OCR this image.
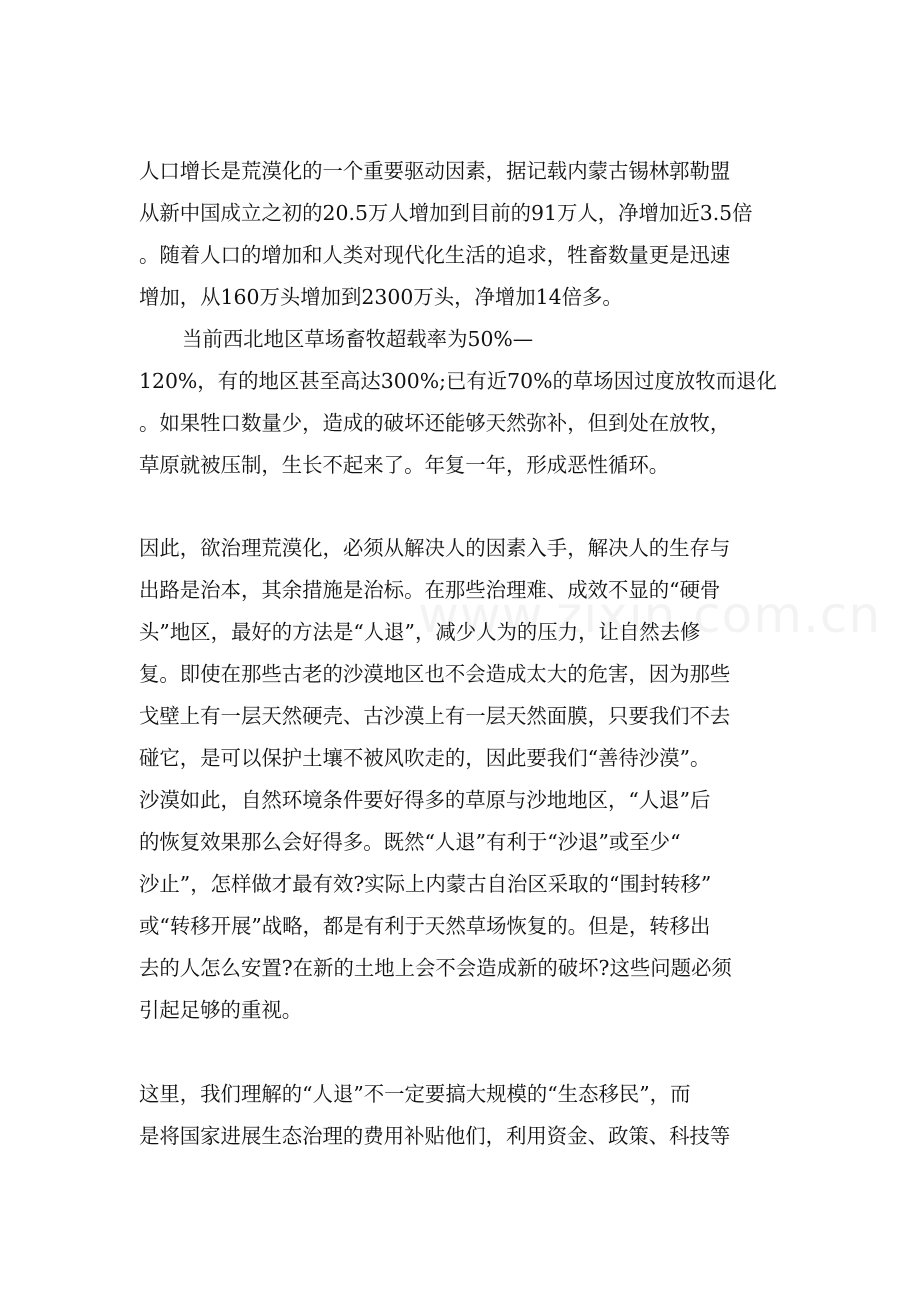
人口增长是荒漠化的一个重要驱动因素，据记载内蒙古锡林郭勒盟
从新中国成立之初的20.5万人增加到目前的91万人，净增加近3.5倍
。随着人口的增加和人类对现代化生活的追求，牲畜数量更是迅速
增加，从160万头增加到2300万头，净增加14倍多。
当前西北地区草场畜牧超载率为50%—
120%，有的地区甚至高达300%;已有近70%的草场因过度放牧而退化
。如果牲口数量少，造成的破坏还能够天然弥补，但到处在放牧，
草原就被压制，生长不起来了。年复一年，形成恶性循环。
因此，欲治理荒漠化，必须从解决人的因素入手，解决人的生存与
出路是治本，其余措施是治标。在那些治理难、成效不显的“硬骨
头”地区，最好的方法是“人退”，减少人为的压力，让自然去修
复。即使在那些古老的沙漠地区也不会造成太大的危害，因为那些
戈壁上有一层天然硬壳、古沙漠上有一层天然面膜，只要我们不去
碰它，是可以保护土壤不被风吹走的，因此要我们“善待沙漠”。
沙漠如此，自然环境条件要好得多的草原与沙地地区，“人退”后
的恢复效果那么会好得多。既然“人退”有利于“沙退”或至少“
沙止”，怎样做才最有效?实际上内蒙古自治区采取的“围封转移”
或“转移开展”战略，都是有利于天然草场恢复的。但是，转移出
去的人怎么安置?在新的土地上会不会造成新的破坏?这些问题必须
引起足够的重视。
这里，我们理解的“人退”不一定要搞大规模的“生态移民”，而
是将国家进展生态治理的费用补贴他们，利用资金、政策、科技等
